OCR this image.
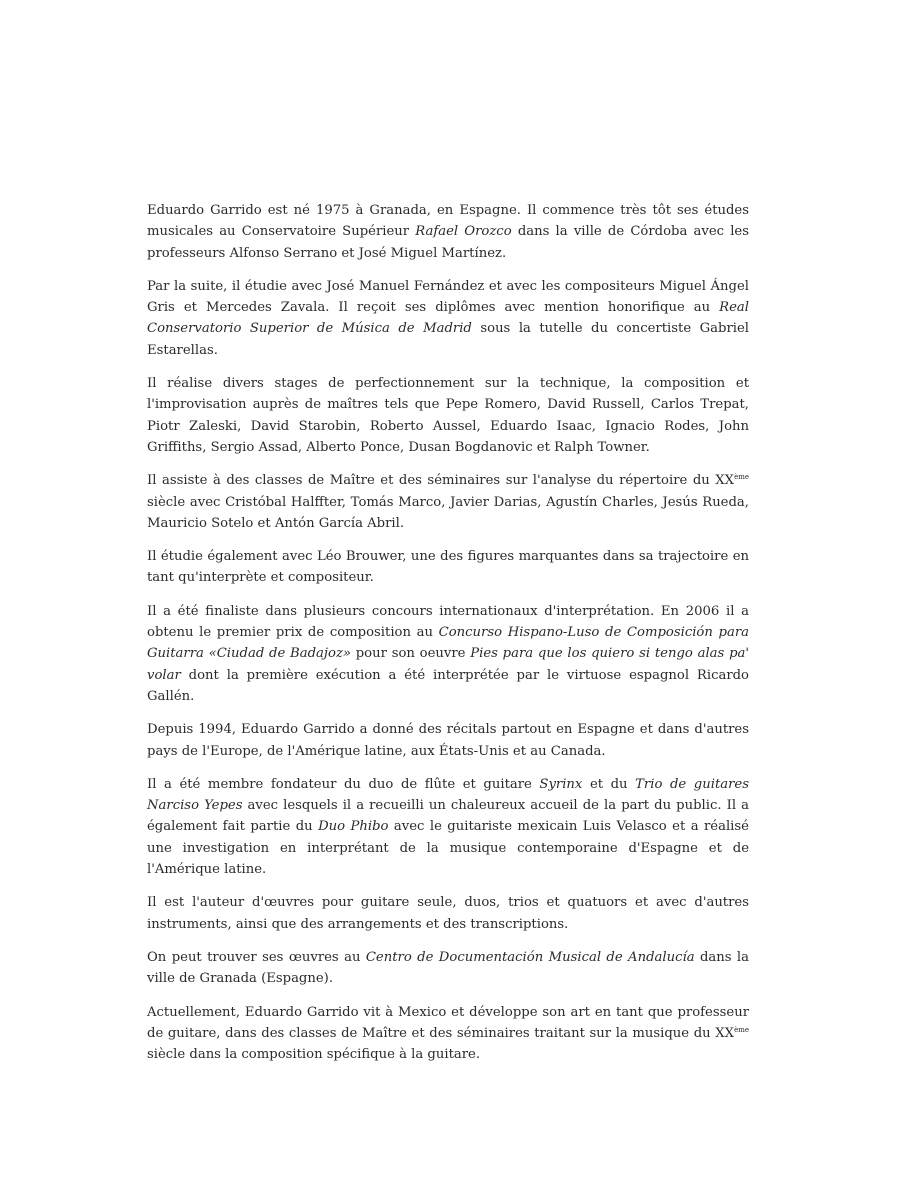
Eduardo Garrido est né 1975 à Granada, en Espagne. Il commence très tôt ses études musicales au Conservatoire Supérieur Rafael Orozco dans la ville de Córdoba avec les professeurs Alfonso Serrano et José Miguel Martínez.

Par la suite, il étudie avec José Manuel Fernández et avec les compositeurs Miguel Ángel Gris et Mercedes Zavala. Il reçoit ses diplômes avec mention honorifique au Real Conservatorio Superior de Música de Madrid sous la tutelle du concertiste Gabriel Estarellas.

Il réalise divers stages de perfectionnement sur la technique, la composition et l'improvisation auprès de maîtres tels que Pepe Romero, David Russell, Carlos Trepat, Piotr Zaleski, David Starobin, Roberto Aussel, Eduardo Isaac, Ignacio Rodes, John Griffiths, Sergio Assad, Alberto Ponce, Dusan Bogdanovic et Ralph Towner.

Il assiste à des classes de Maître et des séminaires sur l'analyse du répertoire du XXème siècle avec Cristóbal Halffter, Tomás Marco, Javier Darias, Agustín Charles, Jesús Rueda, Mauricio Sotelo et Antón García Abril.

Il étudie également avec Léo Brouwer, une des figures marquantes dans sa trajectoire en tant qu'interprète et compositeur.

Il a été finaliste dans plusieurs concours internationaux d'interprétation. En 2006 il a obtenu le premier prix de composition au Concurso Hispano-Luso de Composición para Guitarra «Ciudad de Badajoz» pour son oeuvre Pies para que los quiero si tengo alas pa' volar dont la première exécution a été interprétée par le virtuose espagnol Ricardo Gallén.

Depuis 1994, Eduardo Garrido a donné des récitals partout en Espagne et dans d'autres pays de l'Europe, de l'Amérique latine, aux États-Unis et au Canada.

Il a été membre fondateur du duo de flûte et guitare Syrinx et du Trio de guitares Narciso Yepes avec lesquels il a recueilli un chaleureux accueil de la part du public. Il a également fait partie du Duo Phibo avec le guitariste mexicain Luis Velasco et a réalisé une investigation en interprétant de la musique contemporaine d'Espagne et de l'Amérique latine.

Il est l'auteur d'œuvres pour guitare seule, duos, trios et quatuors et avec d'autres instruments, ainsi que des arrangements et des transcriptions.

On peut trouver ses œuvres au Centro de Documentación Musical de Andalucía dans la ville de Granada (Espagne).

Actuellement, Eduardo Garrido vit à Mexico et développe son art en tant que professeur de guitare, dans des classes de Maître et des séminaires traitant sur la musique du XXème siècle dans la composition spécifique à la guitare.
